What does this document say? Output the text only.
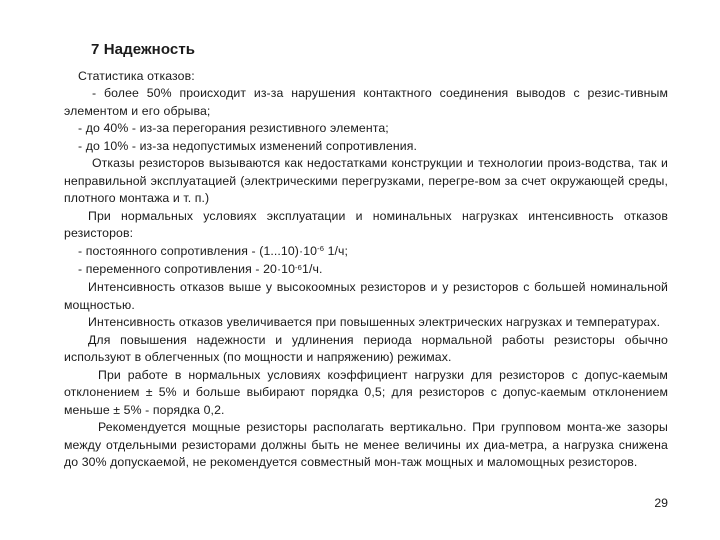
7 Надежность

Статистика отказов:

- более 50% происходит из-за нарушения контактного соединения выводов с резис-тивным элементом и его обрыва;

- до 40% - из-за перегорания резистивного элемента;

- до 10% - из-за недопустимых изменений сопротивления.

Отказы резисторов вызываются как недостатками конструкции и технологии произ-водства, так и неправильной эксплуатацией (электрическими перегрузками, перегре-вом за счет окружающей среды, плотного монтажа и т. п.)

При нормальных условиях эксплуатации и номинальных нагрузках интенсивность отказов резисторов:

- постоянного сопротивления - $(1...10)\cdot 10^{-6}$ 1/ч;

- переменного сопротивления - $20\cdot 10^{-6}1/ч$.

Интенсивность отказов выше у высокоомных резисторов и у резисторов с большей номинальной мощностью.

Интенсивность отказов увеличивается при повышенных электрических нагрузках и температурах.

Для повышения надежности и удлинения периода нормальной работы резисторы обычно используют в облегченных (по мощности и напряжению) режимах.

При работе в нормальных условиях коэффициент нагрузки для резисторов с допус-каемым отклонением ± 5% и больше выбирают порядка 0,5; для резисторов с допус-каемым отклонением меньше ± 5% - порядка 0,2.

Рекомендуется мощные резисторы располагать вертикально. При групповом монта-же зазоры между отдельными резисторами должны быть не менее величины их диа-метра, а нагрузка снижена до 30% допускаемой, не рекомендуется совместный мон-таж мощных и маломощных резисторов.

29
